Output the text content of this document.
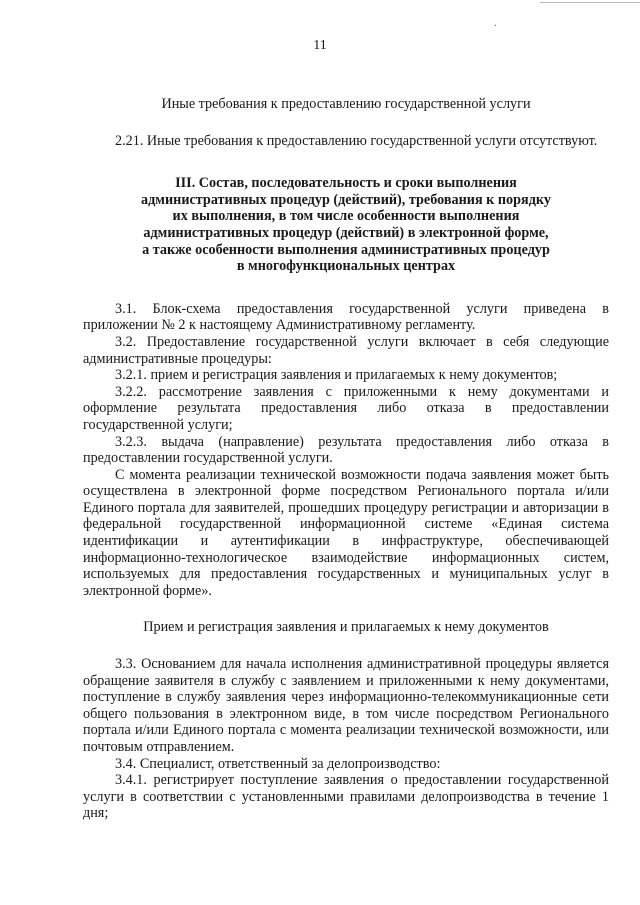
.
11
Иные требования к предоставлению государственной услуги

2.21. Иные требования к предоставлению государственной услуги отсутствуют.

III. Состав, последовательность и сроки выполнения
административных процедур (действий), требования к порядку
их выполнения, в том числе особенности выполнения
административных процедур (действий) в электронной форме,
а также особенности выполнения административных процедур
в многофункциональных центрах

3.1. Блок-схема предоставления государственной услуги приведена в приложении № 2 к настоящему Административному регламенту.

3.2. Предоставление государственной услуги включает в себя следующие административные процедуры:

3.2.1. прием и регистрация заявления и прилагаемых к нему документов;

3.2.2. рассмотрение заявления с приложенными к нему документами и оформление результата предоставления либо отказа в предоставлении государственной услуги;

3.2.3. выдача (направление) результата предоставления либо отказа в предоставлении государственной услуги.

С момента реализации технической возможности подача заявления может быть осуществлена в электронной форме посредством Регионального портала и/или Единого портала для заявителей, прошедших процедуру регистрации и авторизации в федеральной государственной информационной системе «Единая система идентификации и аутентификации в инфраструктуре, обеспечивающей информационно-технологическое взаимодействие информационных систем, используемых для предоставления государственных и муниципальных услуг в электронной форме».

Прием и регистрация заявления и прилагаемых к нему документов

3.3. Основанием для начала исполнения административной процедуры является обращение заявителя в службу с заявлением и приложенными к нему документами, поступление в службу заявления через информационно-телекоммуникационные сети общего пользования в электронном виде, в том числе посредством Регионального портала и/или Единого портала с момента реализации технической возможности, или почтовым отправлением.

3.4. Специалист, ответственный за делопроизводство:

3.4.1. регистрирует поступление заявления о предоставлении государственной услуги в соответствии с установленными правилами делопроизводства в течение 1 дня;
